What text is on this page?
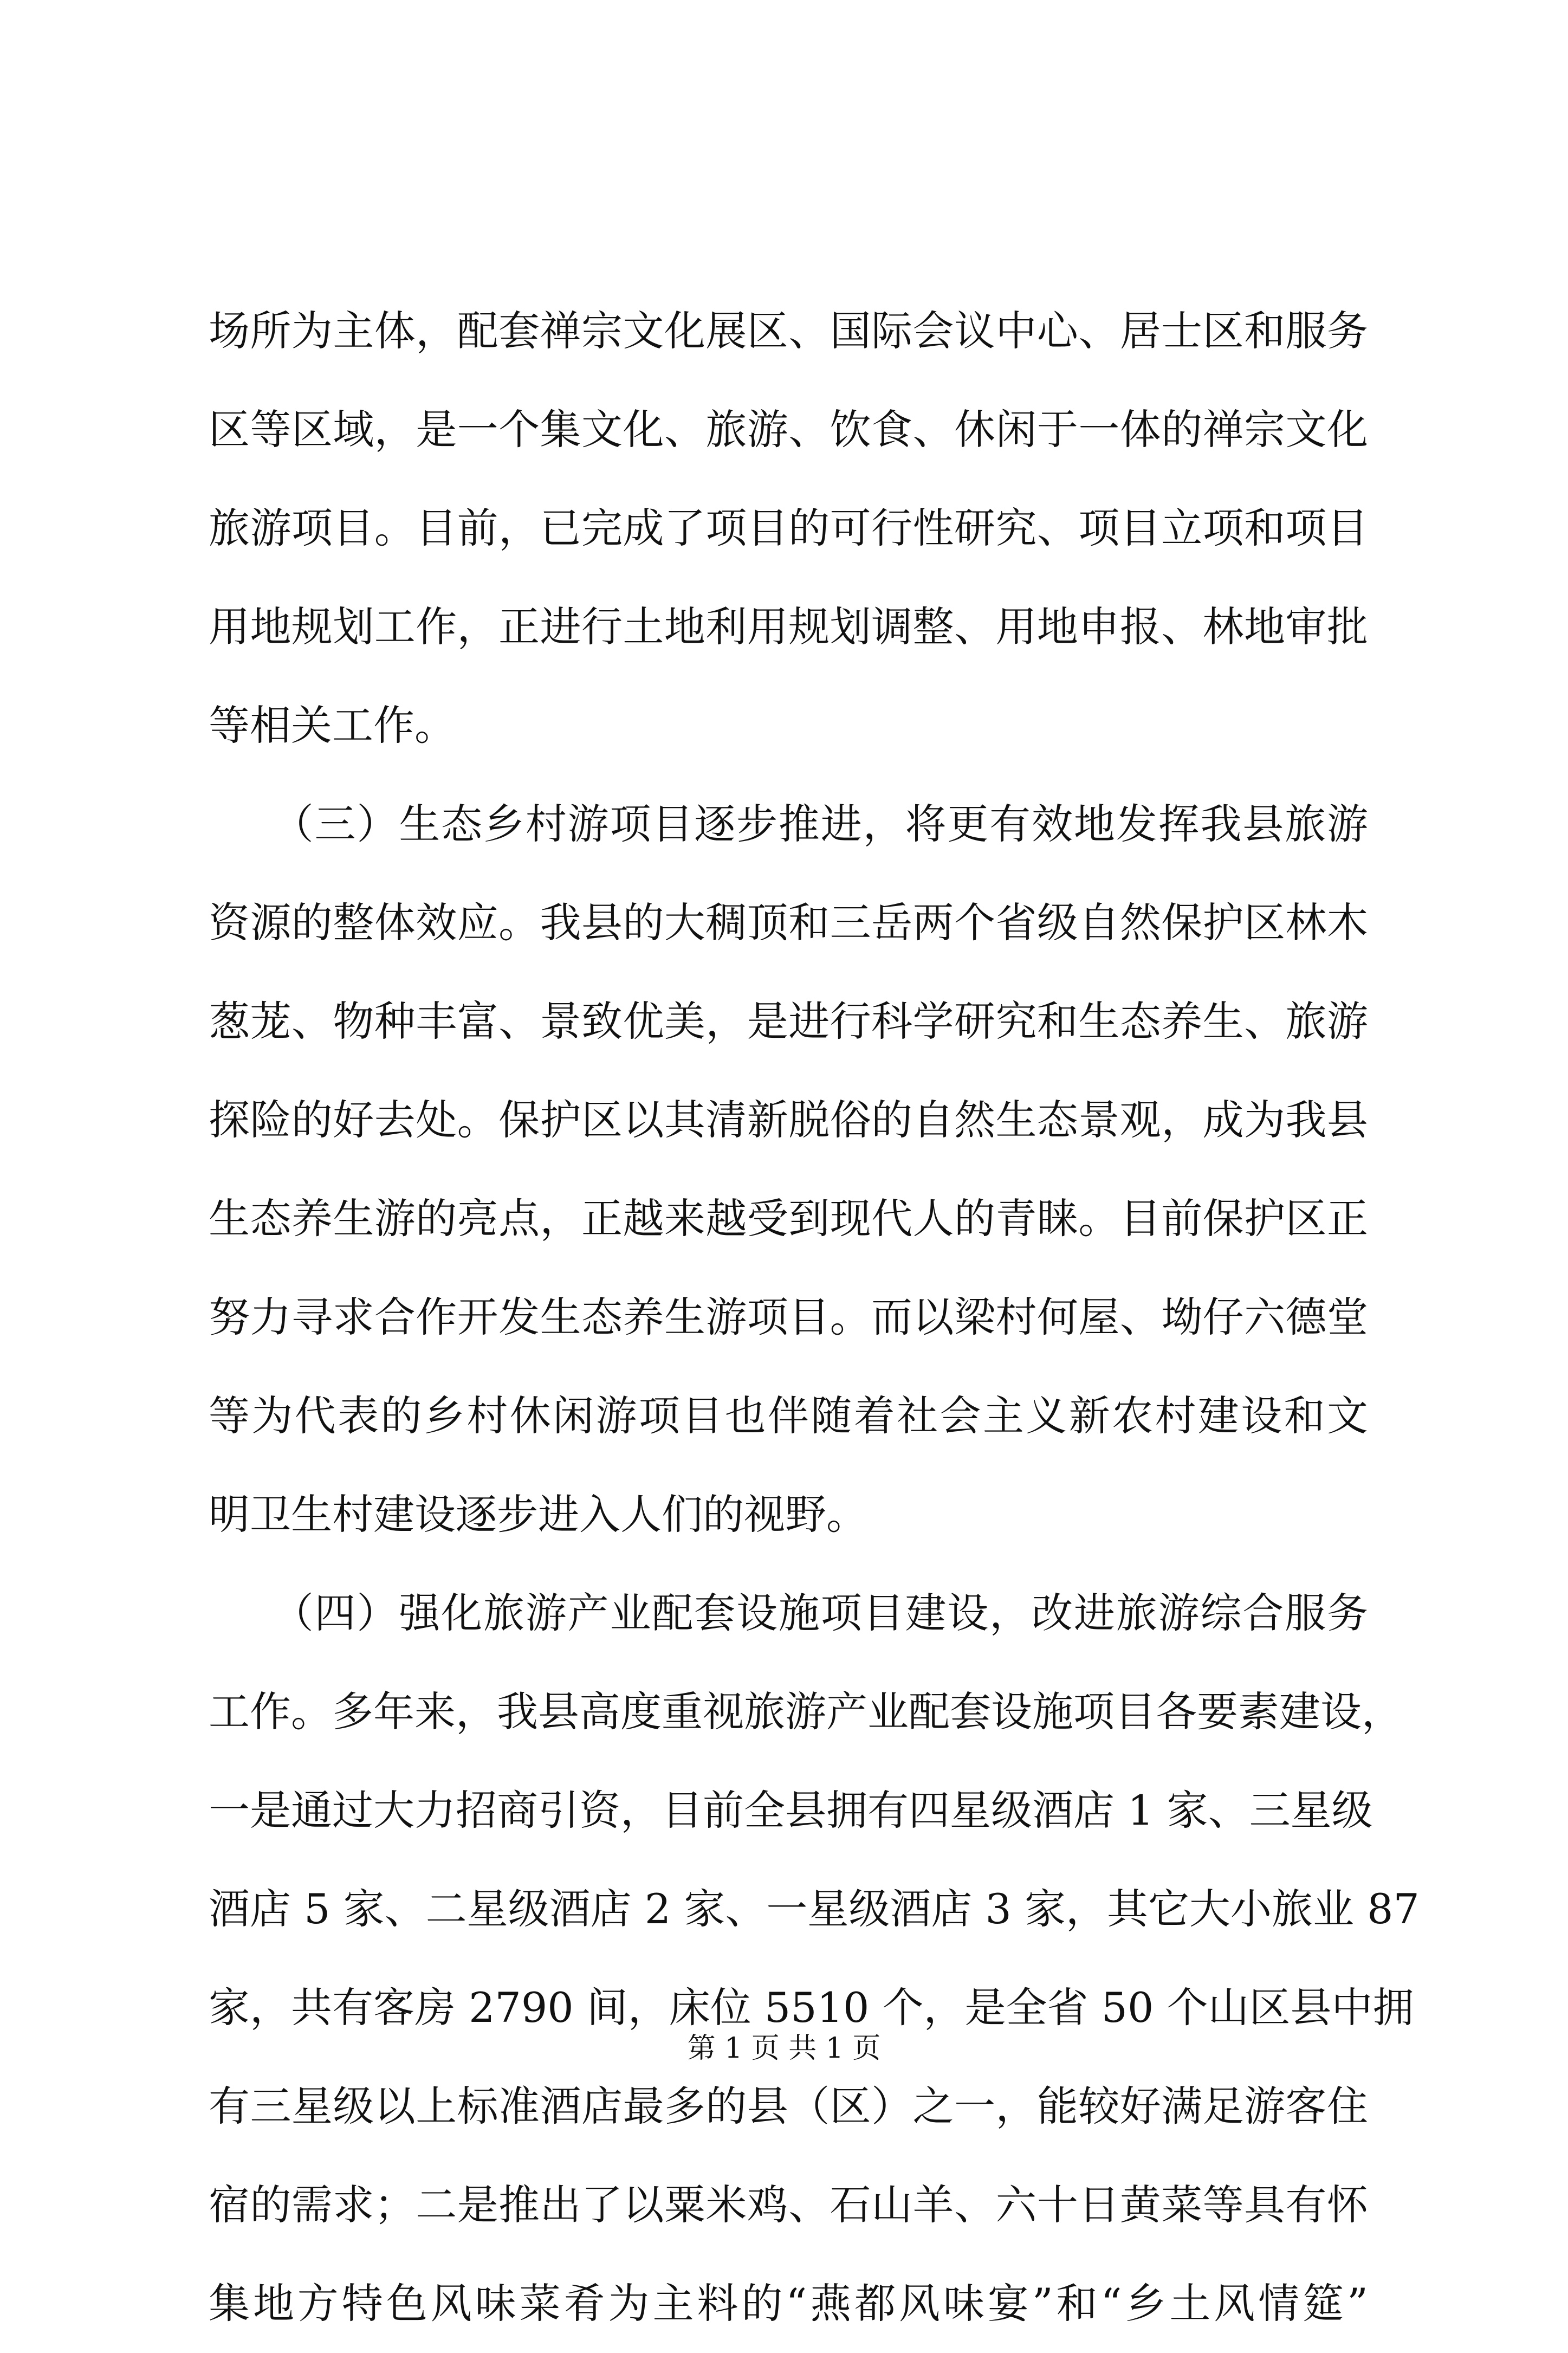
场所为主体，配套禅宗文化展区、国际会议中心、居士区和服务
区等区域，是一个集文化、旅游、饮食、休闲于一体的禅宗文化
旅游项目。目前，已完成了项目的可行性研究、项目立项和项目
用地规划工作，正进行土地利用规划调整、用地申报、林地审批
等相关工作。
　　（三）生态乡村游项目逐步推进，将更有效地发挥我县旅游
资源的整体效应。我县的大稠顶和三岳两个省级自然保护区林木
葱茏、物种丰富、景致优美，是进行科学研究和生态养生、旅游
探险的好去处。保护区以其清新脱俗的自然生态景观，成为我县
生态养生游的亮点，正越来越受到现代人的青睐。目前保护区正
努力寻求合作开发生态养生游项目。而以梁村何屋、坳仔六德堂
等为代表的乡村休闲游项目也伴随着社会主义新农村建设和文
明卫生村建设逐步进入人们的视野。
　　（四）强化旅游产业配套设施项目建设，改进旅游综合服务
工作。多年来，我县高度重视旅游产业配套设施项目各要素建设，
一是通过大力招商引资，目前全县拥有四星级酒店 1 家、三星级
酒店 5 家、二星级酒店 2 家、一星级酒店 3 家，其它大小旅业 87
家，共有客房 2790 间，床位 5510 个，是全省 50 个山区县中拥
有三星级以上标准酒店最多的县（区）之一，能较好满足游客住
宿的需求；二是推出了以粟米鸡、石山羊、六十日黄菜等具有怀
集地方特色风味菜肴为主料的“燕都风味宴”和“乡土风情筵”
第 1 页 共 1 页
